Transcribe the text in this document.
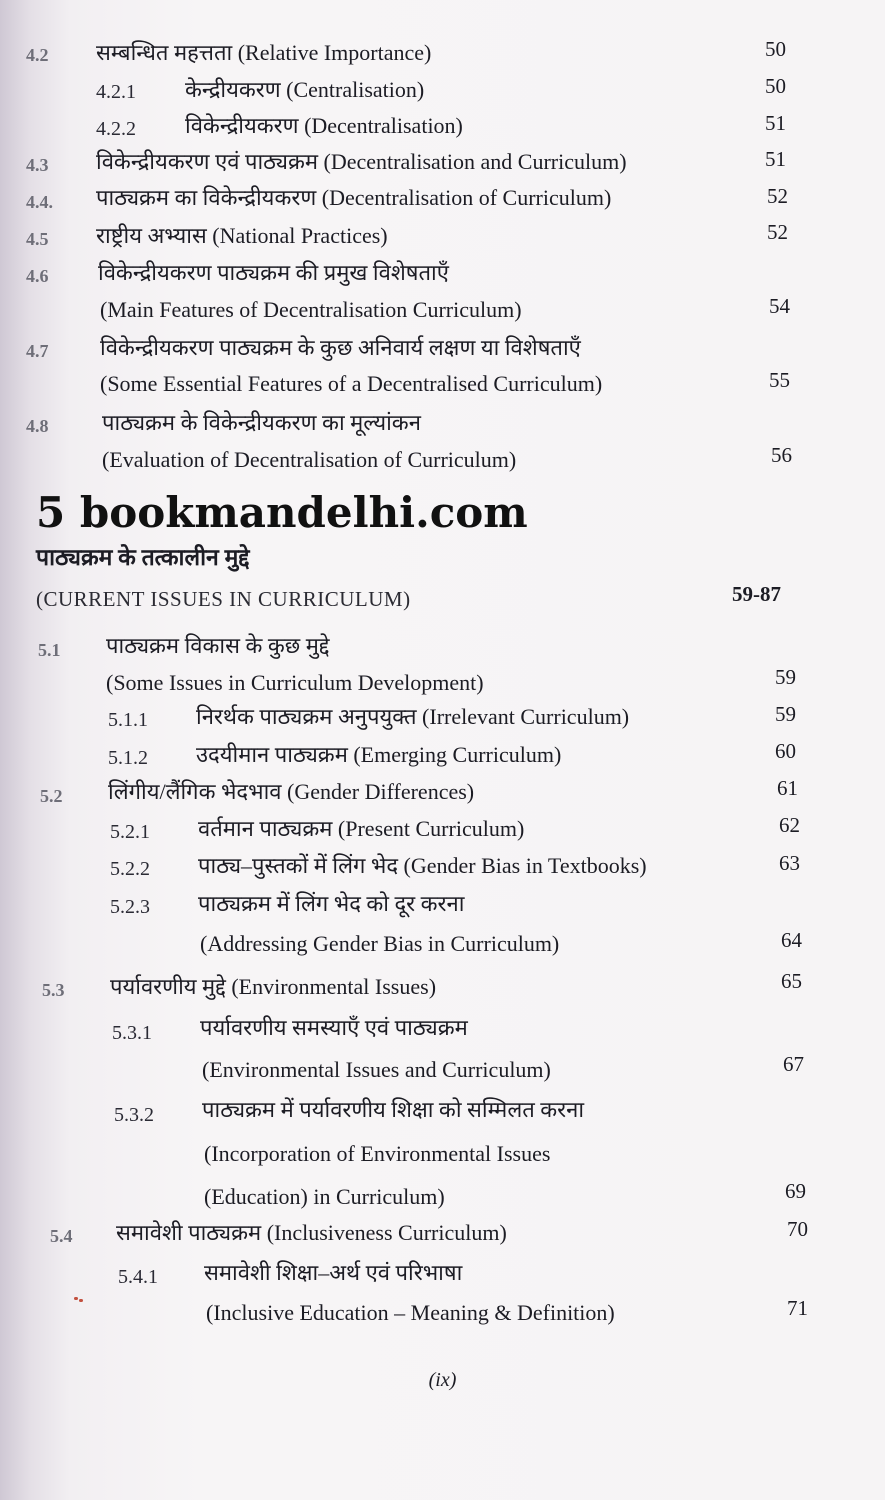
4.2 सम्बन्धित महत्तता (Relative Importance)	50
4.2.1 केन्द्रीयकरण (Centralisation)	50
4.2.2 विकेन्द्रीयकरण (Decentralisation)	51
4.3 विकेन्द्रीयकरण एवं पाठ्यक्रम (Decentralisation and Curriculum)	51
4.4. पाठ्यक्रम का विकेन्द्रीयकरण (Decentralisation of Curriculum)	52
4.5 राष्ट्रीय अभ्यास (National Practices)	52
4.6 विकेन्द्रीयकरण पाठ्यक्रम की प्रमुख विशेषताएँ
(Main Features of Decentralisation Curriculum)	54
4.7 विकेन्द्रीयकरण पाठ्यक्रम के कुछ अनिवार्य लक्षण या विशेषताएँ
(Some Essential Features of a Decentralised Curriculum)	55
4.8 पाठ्यक्रम के विकेन्द्रीयकरण का मूल्यांकन
(Evaluation of Decentralisation of Curriculum)	56
5 bookmandelhi.com
पाठ्यक्रम के तत्कालीन मुद्दे
(CURRENT ISSUES IN CURRICULUM)	59-87
5.1 पाठ्यक्रम विकास के कुछ मुद्दे
(Some Issues in Curriculum Development)	59
5.1.1 निरर्थक पाठ्यक्रम अनुपयुक्त (Irrelevant Curriculum)	59
5.1.2 उदयीमान पाठ्यक्रम (Emerging Curriculum)	60
5.2 लिंगीय/लैंगिक भेदभाव (Gender Differences)	61
5.2.1 वर्तमान पाठ्यक्रम (Present Curriculum)	62
5.2.2 पाठ्य–पुस्तकों में लिंग भेद (Gender Bias in Textbooks)	63
5.2.3 पाठ्यक्रम में लिंग भेद को दूर करना
(Addressing Gender Bias in Curriculum)	64
5.3 पर्यावरणीय मुद्दे (Environmental Issues)	65
5.3.1 पर्यावरणीय समस्याएँ एवं पाठ्यक्रम
(Environmental Issues and Curriculum)	67
5.3.2 पाठ्यक्रम में पर्यावरणीय शिक्षा को सम्मिलत करना
(Incorporation of Environmental Issues
(Education) in Curriculum)	69
5.4 समावेशी पाठ्यक्रम (Inclusiveness Curriculum)	70
5.4.1 समावेशी शिक्षा–अर्थ एवं परिभाषा
(Inclusive Education – Meaning & Definition)	71
(ix)
